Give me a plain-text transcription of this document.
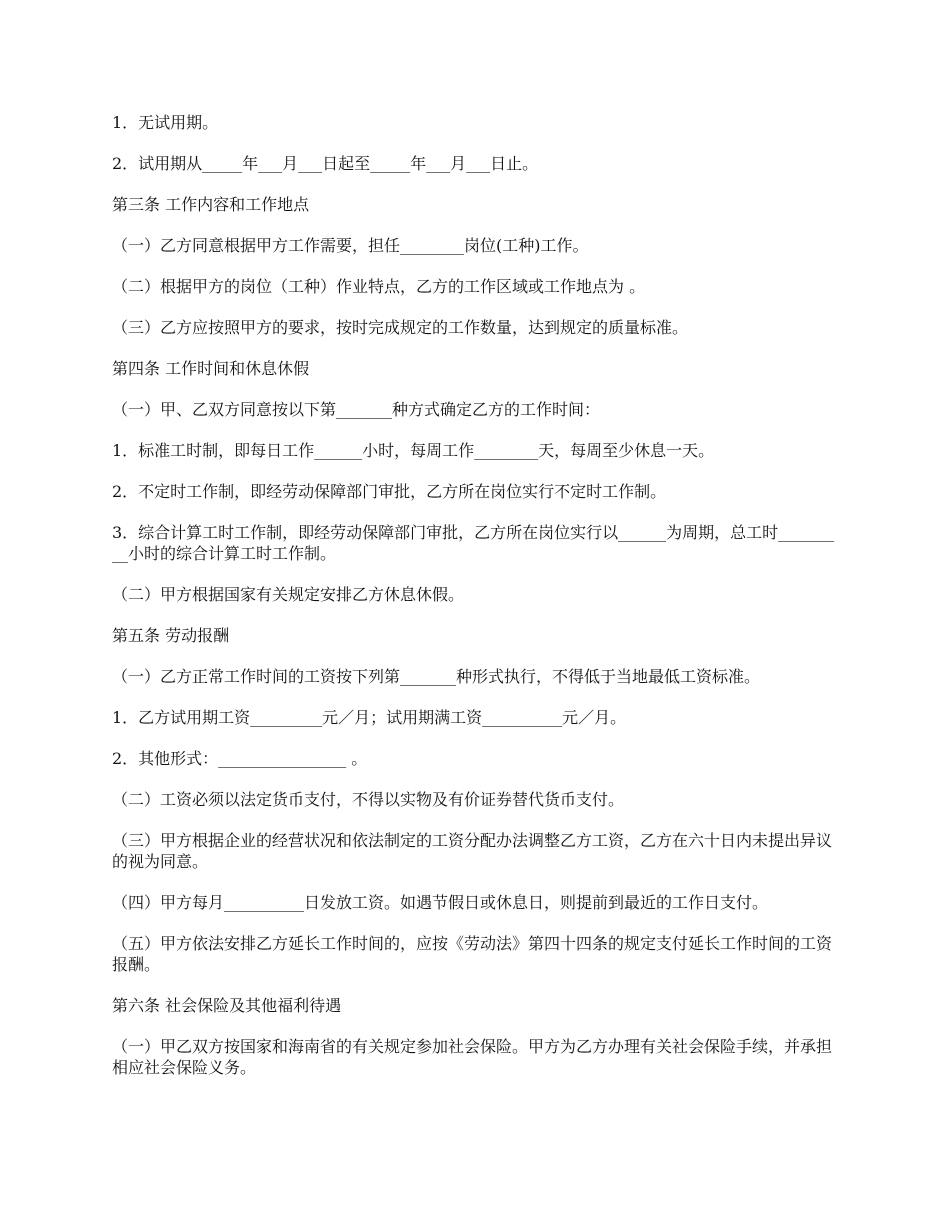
1．无试用期。

2．试用期从_____年___月___日起至_____年___月___日止。

第三条 工作内容和工作地点

（一）乙方同意根据甲方工作需要，担任________岗位(工种)工作。

（二）根据甲方的岗位（工种）作业特点，乙方的工作区域或工作地点为 。

（三）乙方应按照甲方的要求，按时完成规定的工作数量，达到规定的质量标准。

第四条 工作时间和休息休假

（一）甲、乙双方同意按以下第_______种方式确定乙方的工作时间：

1．标准工时制，即每日工作______小时，每周工作________天，每周至少休息一天。

2．不定时工作制，即经劳动保障部门审批，乙方所在岗位实行不定时工作制。

3．综合计算工时工作制，即经劳动保障部门审批，乙方所在岗位实行以______为周期，总工时_________小时的综合计算工时工作制。

（二）甲方根据国家有关规定安排乙方休息休假。

第五条 劳动报酬

（一）乙方正常工作时间的工资按下列第_______种形式执行，不得低于当地最低工资标准。

1．乙方试用期工资_________元／月；试用期满工资__________元／月。

2．其他形式：________________ 。

（二）工资必须以法定货币支付，不得以实物及有价证券替代货币支付。

（三）甲方根据企业的经营状况和依法制定的工资分配办法调整乙方工资，乙方在六十日内未提出异议的视为同意。

（四）甲方每月__________日发放工资。如遇节假日或休息日，则提前到最近的工作日支付。

（五）甲方依法安排乙方延长工作时间的，应按《劳动法》第四十四条的规定支付延长工作时间的工资报酬。

第六条 社会保险及其他福利待遇

（一）甲乙双方按国家和海南省的有关规定参加社会保险。甲方为乙方办理有关社会保险手续，并承担相应社会保险义务。
